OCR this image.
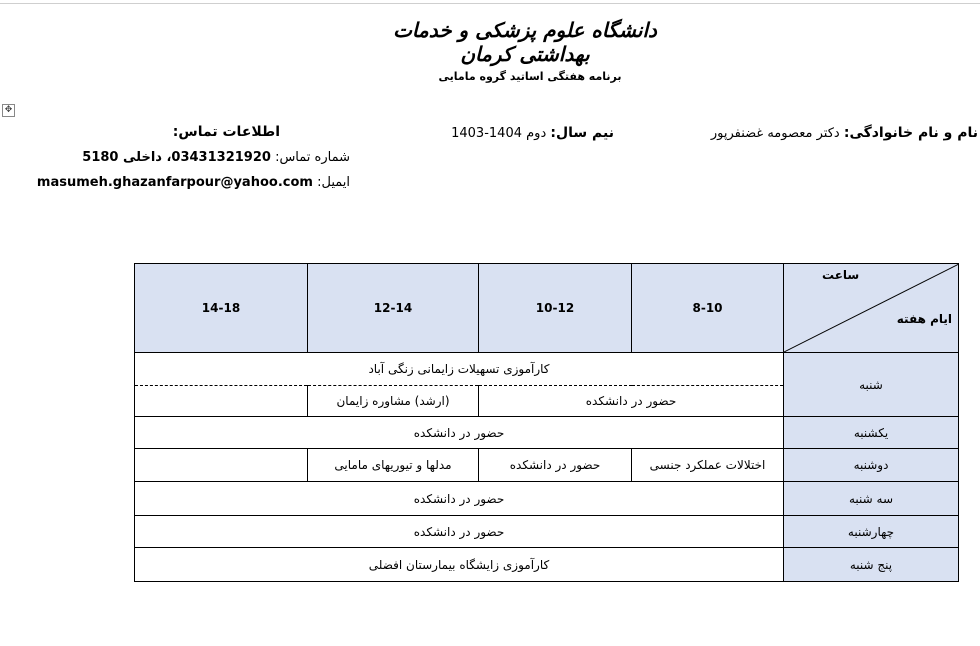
دانشگاه علوم پزشکی و خدمات بهداشتی کرمان
برنامه هفتگی اساتید گروه مامایی
✥
نام و نام خانوادگی: دکتر معصومه غضنفرپور
نیم سال: دوم 1404-1403
اطلاعات تماس:
شماره تماس: 03431321920، داخلی 5180
ایمیل: masumeh.ghazanfarpour@yahoo.com
ساعت
ایام هفته	8-10	10-12	12-14	14-18
شنبه	کارآموزی تسهیلات زایمانی زنگی آباد			
	حضور در دانشکده		(ارشد) مشاوره زایمان	
یکشنبه	حضور در دانشکده			
دوشنبه	اختلالات عملکرد جنسی	حضور در دانشکده	مدلها و تیوریهای مامایی	
سه شنبه	حضور در دانشکده			
چهارشنبه	حضور در دانشکده			
پنج شنبه	کارآموزی زایشگاه بیمارستان افضلی			
